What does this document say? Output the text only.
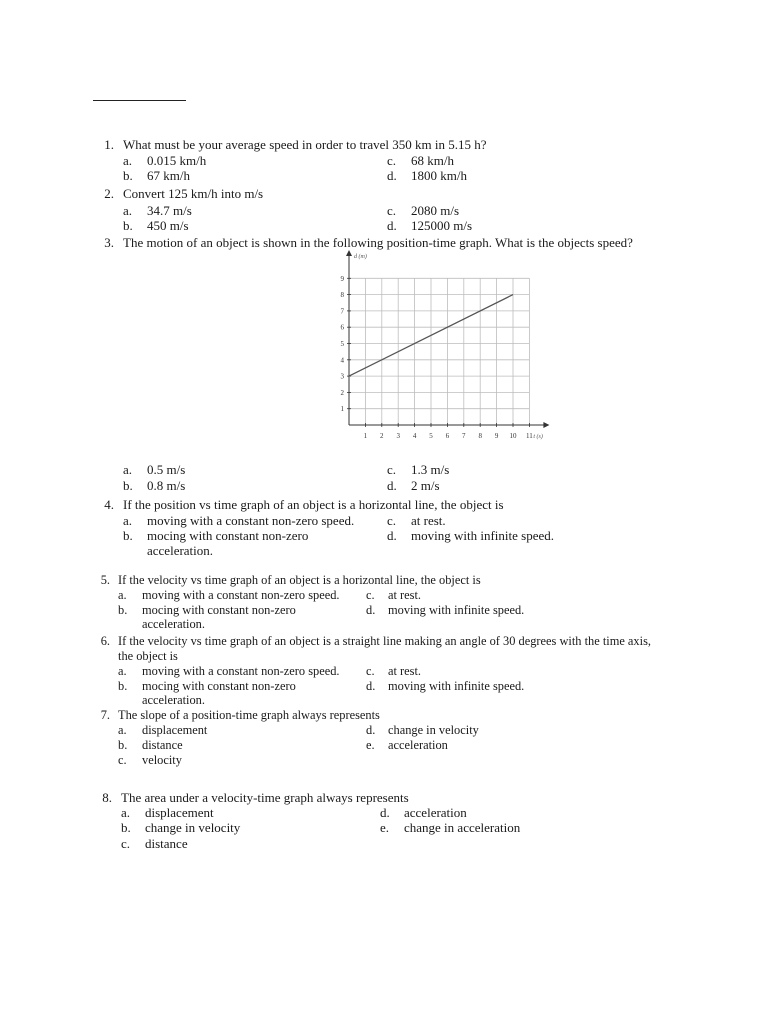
1. What must be your average speed in order to travel 350 km in 5.15 h?
a. 0.015 km/h	c. 68 km/h
b. 67 km/h	d. 1800 km/h
2. Convert 125 km/h into m/s
a. 34.7 m/s	c. 2080 m/s
b. 450 m/s	d. 125000 m/s
3. The motion of an object is shown in the following position-time graph. What is the objects speed?
1 2 3 4 5 6 7 8 9 10 11
1
2
3
4
5
6
7
8
9
t (s)
d (m)
a. 0.5 m/s	c. 1.3 m/s
b. 0.8 m/s	d. 2 m/s
4. If the position vs time graph of an object is a horizontal line, the object is
a. moving with a constant non-zero speed.	c. at rest.
b. mocing with constant non-zero
acceleration.
d. moving with infinite speed.
5. If the velocity vs time graph of an object is a horizontal line, the object is
a. moving with a constant non-zero speed. c. at rest.
b. mocing with constant non-zero
acceleration.
d. moving with infinite speed.
6. If the velocity vs time graph of an object is a straight line making an angle of 30 degrees with the time axis,
the object is
a. moving with a constant non-zero speed. c. at rest.
b. mocing with constant non-zero
acceleration.
d. moving with infinite speed.
7. The slope of a position-time graph always represents
a. displacement	d. change in velocity
b. distance	e. acceleration
c. velocity
8. The area under a velocity-time graph always represents
a. displacement	d. acceleration
b. change in velocity	e. change in acceleration
c. distance
